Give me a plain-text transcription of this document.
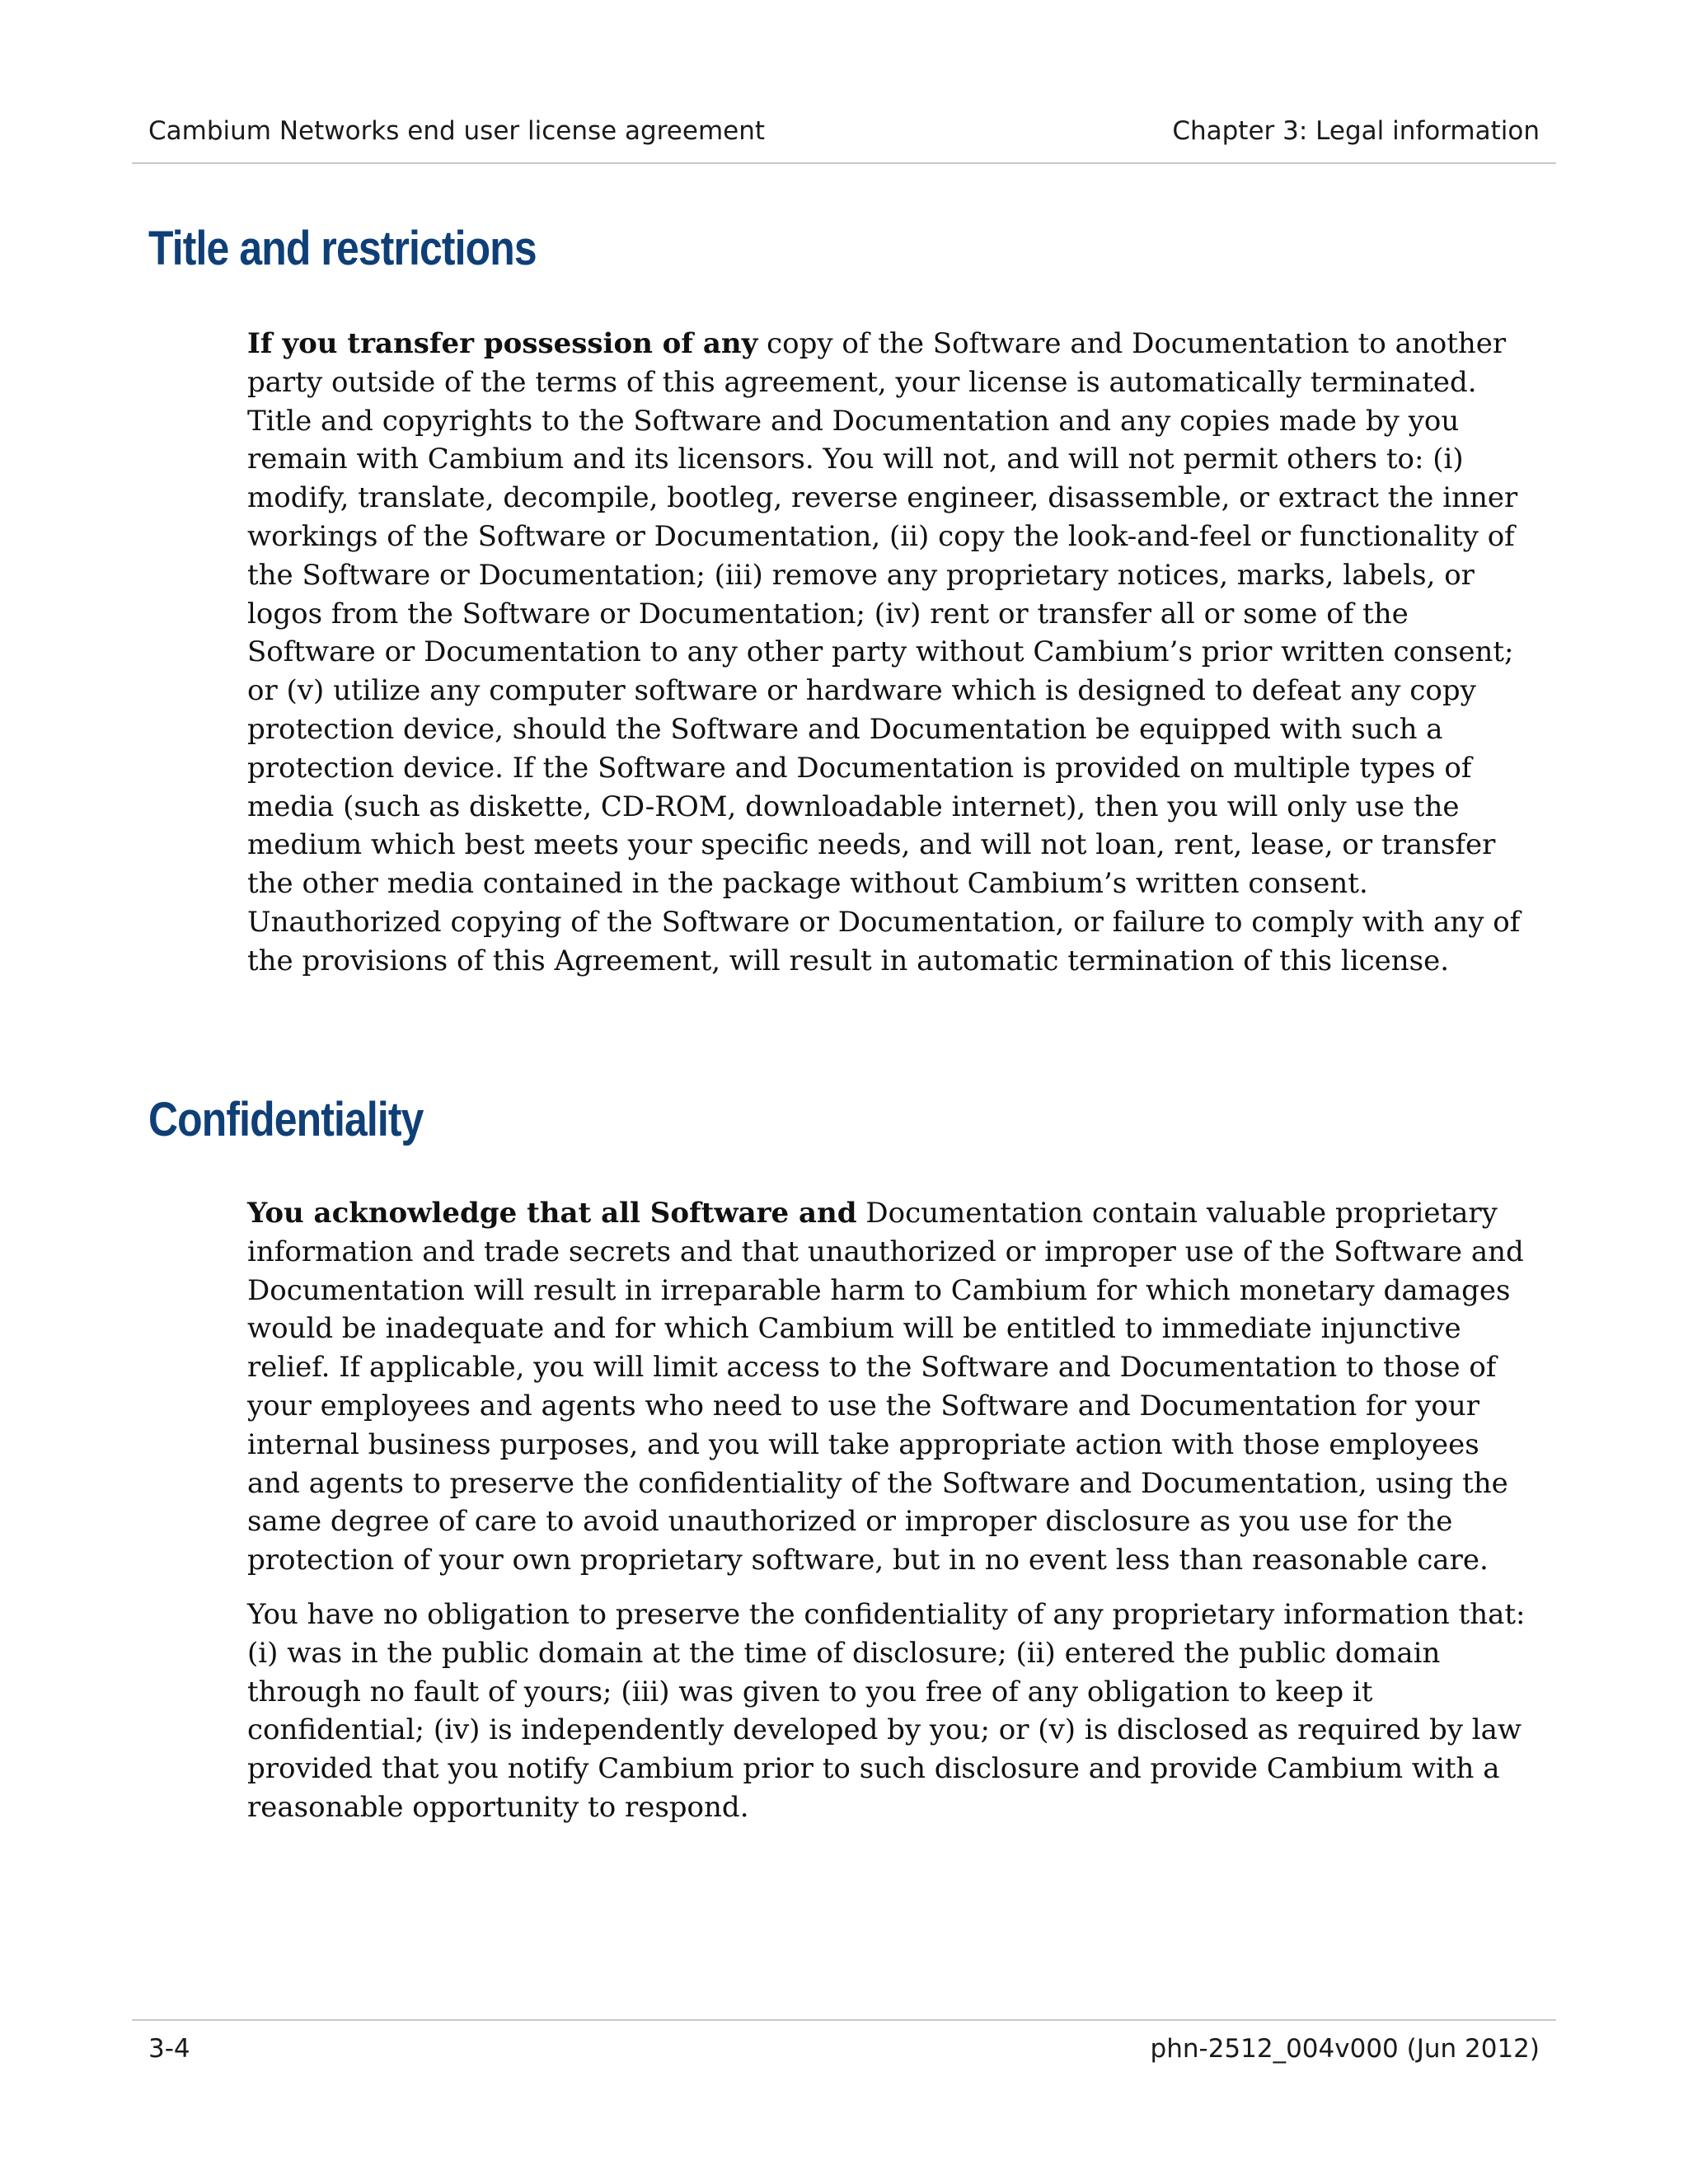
Cambium Networks end user license agreement	Chapter 3: Legal information
Title and restrictions

If you transfer possession of any copy of the Software and Documentation to another party outside of the terms of this agreement, your license is automatically terminated. Title and copyrights to the Software and Documentation and any copies made by you remain with Cambium and its licensors. You will not, and will not permit others to: (i) modify, translate, decompile, bootleg, reverse engineer, disassemble, or extract the inner workings of the Software or Documentation, (ii) copy the look-and-feel or functionality of the Software or Documentation; (iii) remove any proprietary notices, marks, labels, or logos from the Software or Documentation; (iv) rent or transfer all or some of the Software or Documentation to any other party without Cambium’s prior written consent; or (v) utilize any computer software or hardware which is designed to defeat any copy protection device, should the Software and Documentation be equipped with such a protection device. If the Software and Documentation is provided on multiple types of media (such as diskette, CD-ROM, downloadable internet), then you will only use the medium which best meets your specific needs, and will not loan, rent, lease, or transfer the other media contained in the package without Cambium’s written consent. Unauthorized copying of the Software or Documentation, or failure to comply with any of the provisions of this Agreement, will result in automatic termination of this license.

Confidentiality

You acknowledge that all Software and Documentation contain valuable proprietary information and trade secrets and that unauthorized or improper use of the Software and Documentation will result in irreparable harm to Cambium for which monetary damages would be inadequate and for which Cambium will be entitled to immediate injunctive relief. If applicable, you will limit access to the Software and Documentation to those of your employees and agents who need to use the Software and Documentation for your internal business purposes, and you will take appropriate action with those employees and agents to preserve the confidentiality of the Software and Documentation, using the same degree of care to avoid unauthorized or improper disclosure as you use for the protection of your own proprietary software, but in no event less than reasonable care.

You have no obligation to preserve the confidentiality of any proprietary information that: (i) was in the public domain at the time of disclosure; (ii) entered the public domain through no fault of yours; (iii) was given to you free of any obligation to keep it confidential; (iv) is independently developed by you; or (v) is disclosed as required by law provided that you notify Cambium prior to such disclosure and provide Cambium with a reasonable opportunity to respond.

3-4	phn-2512_004v000 (Jun 2012)
